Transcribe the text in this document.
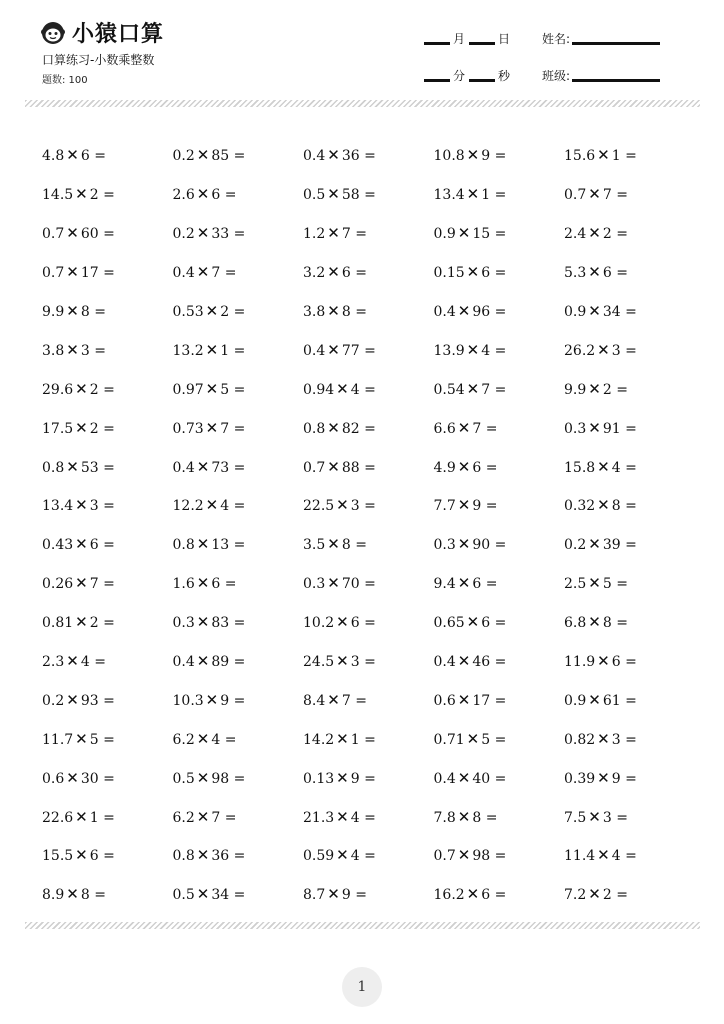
小猿口算
口算练习-小数乘整数
题数: 100
月	日	姓名:
分	秒	班级:
4.8 ✕ 6 =	0.2 ✕ 85 =	0.4 ✕ 36 =	10.8 ✕ 9 =	15.6 ✕ 1 =
14.5 ✕ 2 =	2.6 ✕ 6 =	0.5 ✕ 58 =	13.4 ✕ 1 =	0.7 ✕ 7 =
0.7 ✕ 60 =	0.2 ✕ 33 =	1.2 ✕ 7 =	0.9 ✕ 15 =	2.4 ✕ 2 =
0.7 ✕ 17 =	0.4 ✕ 7 =	3.2 ✕ 6 =	0.15 ✕ 6 =	5.3 ✕ 6 =
9.9 ✕ 8 =	0.53 ✕ 2 =	3.8 ✕ 8 =	0.4 ✕ 96 =	0.9 ✕ 34 =
3.8 ✕ 3 =	13.2 ✕ 1 =	0.4 ✕ 77 =	13.9 ✕ 4 =	26.2 ✕ 3 =
29.6 ✕ 2 =	0.97 ✕ 5 =	0.94 ✕ 4 =	0.54 ✕ 7 =	9.9 ✕ 2 =
17.5 ✕ 2 =	0.73 ✕ 7 =	0.8 ✕ 82 =	6.6 ✕ 7 =	0.3 ✕ 91 =
0.8 ✕ 53 =	0.4 ✕ 73 =	0.7 ✕ 88 =	4.9 ✕ 6 =	15.8 ✕ 4 =
13.4 ✕ 3 =	12.2 ✕ 4 =	22.5 ✕ 3 =	7.7 ✕ 9 =	0.32 ✕ 8 =
0.43 ✕ 6 =	0.8 ✕ 13 =	3.5 ✕ 8 =	0.3 ✕ 90 =	0.2 ✕ 39 =
0.26 ✕ 7 =	1.6 ✕ 6 =	0.3 ✕ 70 =	9.4 ✕ 6 =	2.5 ✕ 5 =
0.81 ✕ 2 =	0.3 ✕ 83 =	10.2 ✕ 6 =	0.65 ✕ 6 =	6.8 ✕ 8 =
2.3 ✕ 4 =	0.4 ✕ 89 =	24.5 ✕ 3 =	0.4 ✕ 46 =	11.9 ✕ 6 =
0.2 ✕ 93 =	10.3 ✕ 9 =	8.4 ✕ 7 =	0.6 ✕ 17 =	0.9 ✕ 61 =
11.7 ✕ 5 =	6.2 ✕ 4 =	14.2 ✕ 1 =	0.71 ✕ 5 =	0.82 ✕ 3 =
0.6 ✕ 30 =	0.5 ✕ 98 =	0.13 ✕ 9 =	0.4 ✕ 40 =	0.39 ✕ 9 =
22.6 ✕ 1 =	6.2 ✕ 7 =	21.3 ✕ 4 =	7.8 ✕ 8 =	7.5 ✕ 3 =
15.5 ✕ 6 =	0.8 ✕ 36 =	0.59 ✕ 4 =	0.7 ✕ 98 =	11.4 ✕ 4 =
8.9 ✕ 8 =	0.5 ✕ 34 =	8.7 ✕ 9 =	16.2 ✕ 6 =	7.2 ✕ 2 =
1
